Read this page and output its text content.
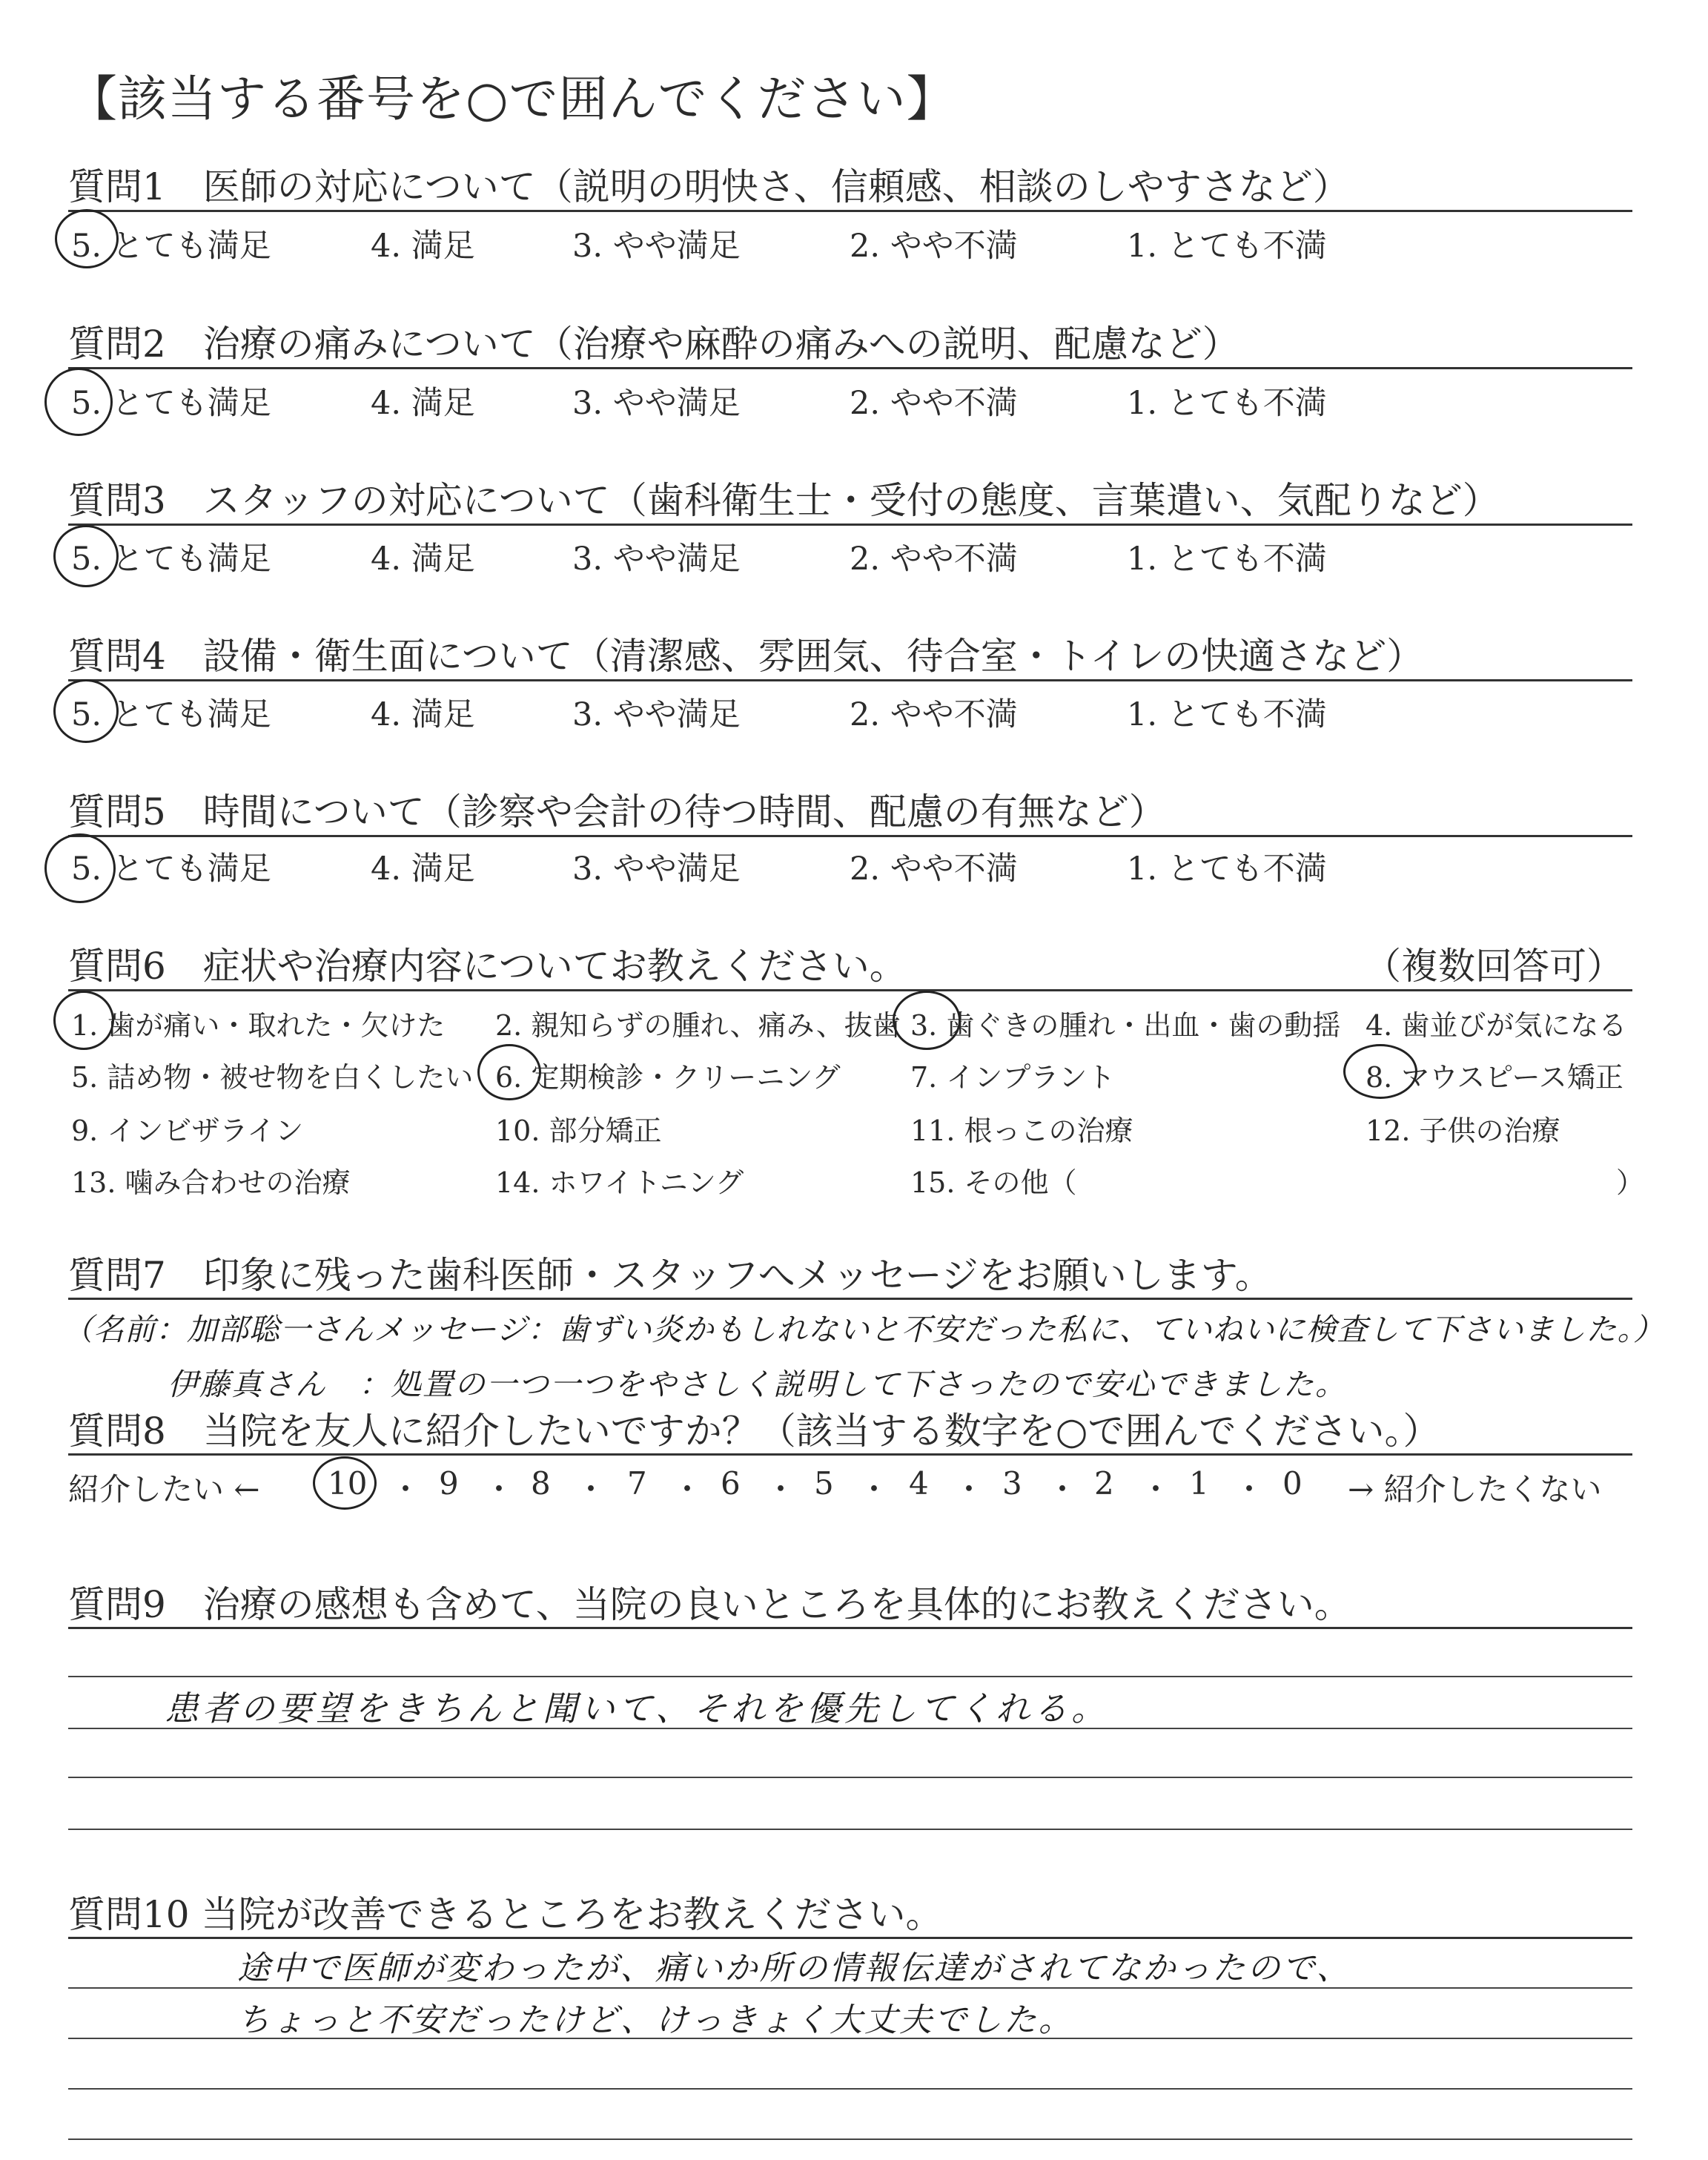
【該当する番号を○で囲んでください】
質問1　医師の対応について（説明の明快さ、信頼感、相談のしやすさなど）
5. とても満足	4. 満足	3. やや満足	2. やや不満	1. とても不満
質問2　治療の痛みについて（治療や麻酔の痛みへの説明、配慮など）
5. とても満足	4. 満足	3. やや満足	2. やや不満	1. とても不満
質問3　スタッフの対応について（歯科衛生士・受付の態度、言葉遣い、気配りなど）
5. とても満足	4. 満足	3. やや満足	2. やや不満	1. とても不満
質問4　設備・衛生面について（清潔感、雰囲気、待合室・トイレの快適さなど）
5. とても満足	4. 満足	3. やや満足	2. やや不満	1. とても不満
質問5　時間について（診察や会計の待つ時間、配慮の有無など）
5. とても満足	4. 満足	3. やや満足	2. やや不満	1. とても不満
質問6　症状や治療内容についてお教えください。	（複数回答可）
1. 歯が痛い・取れた・欠けた 2. 親知らずの腫れ、痛み、抜歯 3. 歯ぐきの腫れ・出血・歯の動揺 4. 歯並びが気になる
5. 詰め物・被せ物を白くしたい 6. 定期検診・クリーニング 7. インプラント	8. マウスピース矯正
9. インビザライン	10. 部分矯正	11. 根っこの治療	12. 子供の治療
13. 噛み合わせの治療	14. ホワイトニング	15. その他（	）
質問7　印象に残った歯科医師・スタッフへメッセージをお願いします。
（名前：加部聡一さんメッセージ：歯ずい炎かもしれないと不安だった私に、ていねいに検査して下さいました。）
伊藤真さん　：処置の一つ一つをやさしく説明して下さったので安心できました。
質問8　当院を友人に紹介したいですか？（該当する数字を○で囲んでください。）
紹介したい ←	→ 紹介したくない
10 ・ 9 ・ 8 ・ 7 ・ 6 ・ 5 ・ 4 ・ 3 ・ 2 ・ 1 ・ 0
質問9　治療の感想も含めて、当院の良いところを具体的にお教えください。
患者の要望をきちんと聞いて、それを優先してくれる。
質問10 当院が改善できるところをお教えください。
途中で医師が変わったが、痛いか所の情報伝達がされてなかったので、
ちょっと不安だったけど、けっきょく大丈夫でした。
